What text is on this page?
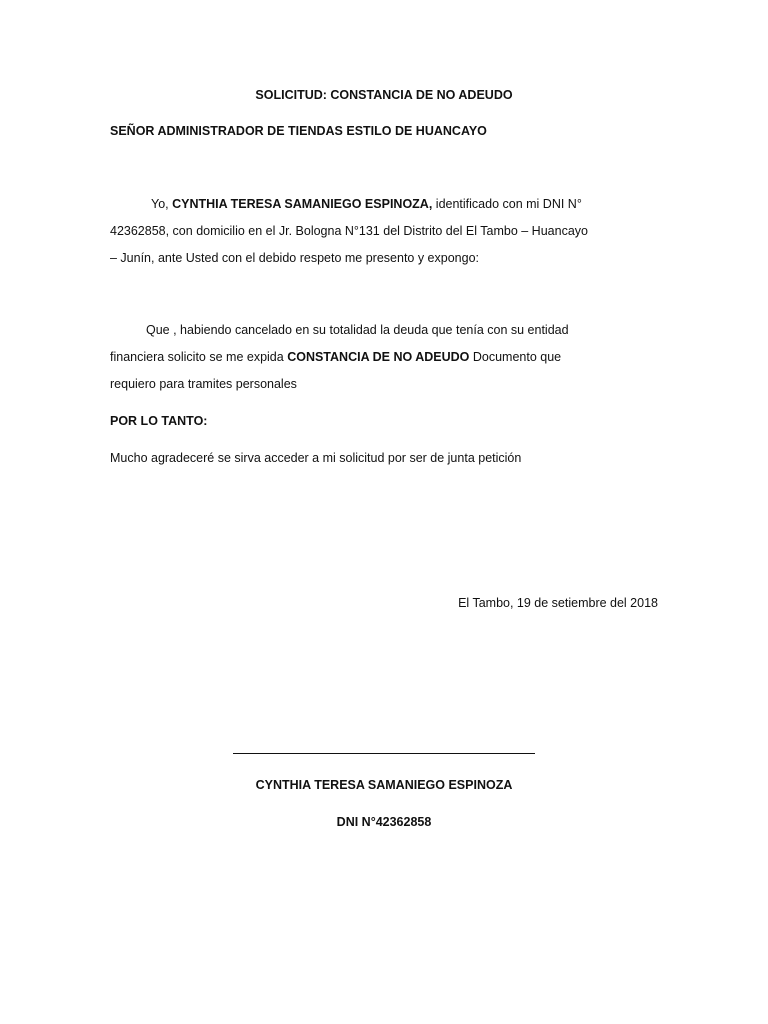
SOLICITUD: CONSTANCIA DE NO ADEUDO
SEÑOR ADMINISTRADOR DE TIENDAS ESTILO DE HUANCAYO
Yo, CYNTHIA TERESA SAMANIEGO ESPINOZA, identificado con mi DNI N°
42362858, con domicilio en el Jr. Bologna N°131 del Distrito del El Tambo – Huancayo
– Junín, ante Usted con el debido respeto me presento y expongo:
Que , habiendo cancelado en su totalidad la deuda que tenía con su entidad
financiera solicito se me expida CONSTANCIA DE NO ADEUDO Documento que
requiero para tramites personales
POR LO TANTO:
Mucho agradeceré se sirva acceder a mi solicitud por ser de junta petición
El Tambo, 19 de setiembre del 2018
CYNTHIA TERESA SAMANIEGO ESPINOZA
DNI N°42362858
